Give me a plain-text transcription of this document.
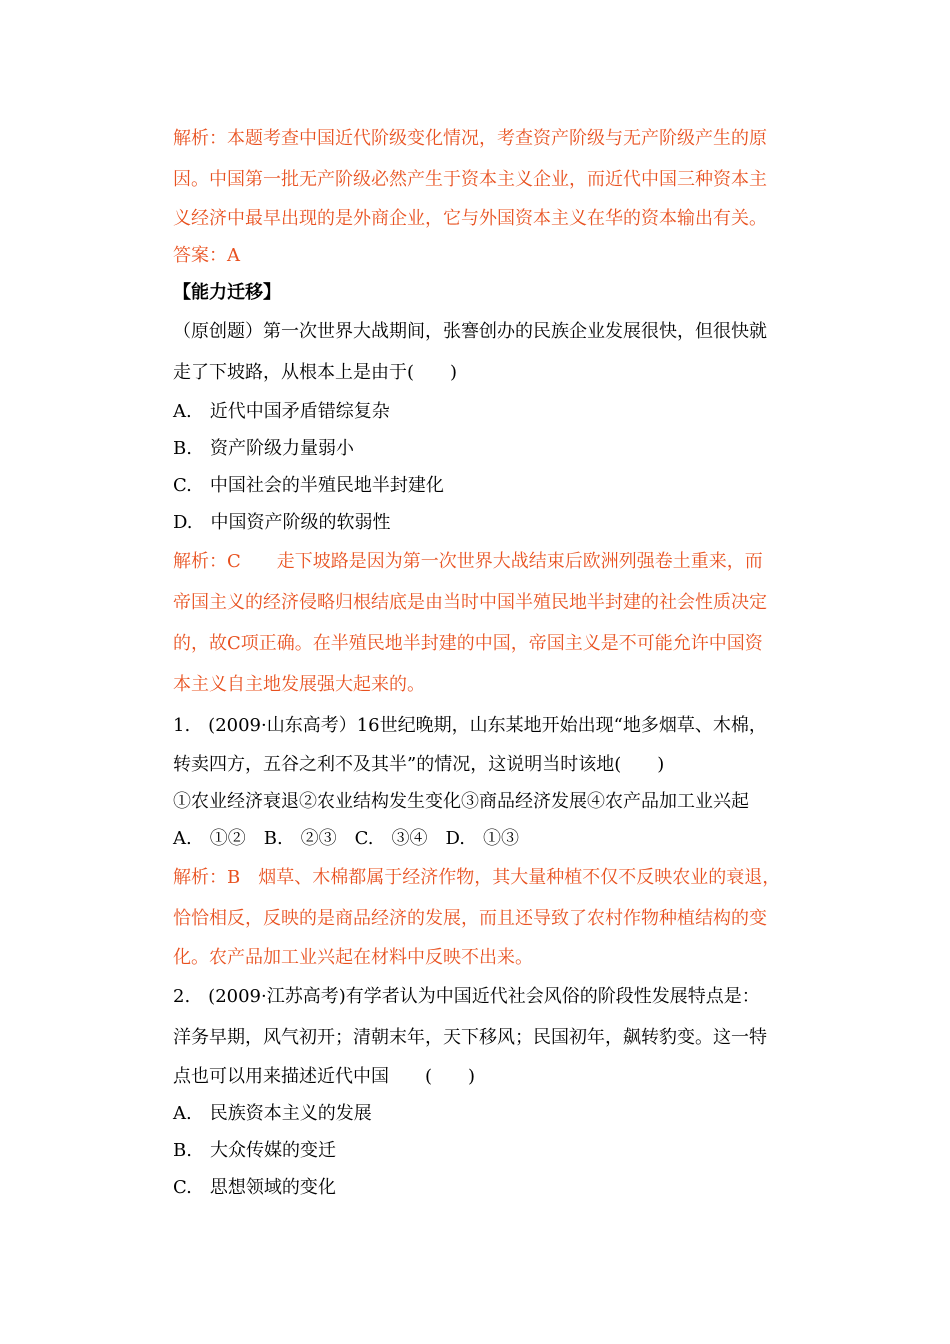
解析：本题考查中国近代阶级变化情况，考查资产阶级与无产阶级产生的原
因。中国第一批无产阶级必然产生于资本主义企业，而近代中国三种资本主
义经济中最早出现的是外商企业，它与外国资本主义在华的资本输出有关。
答案：A
【能力迁移】
（原创题）第一次世界大战期间，张謇创办的民族企业发展很快，但很快就
走了下坡路，从根本上是由于(　　)
A.　近代中国矛盾错综复杂
B.　资产阶级力量弱小
C.　中国社会的半殖民地半封建化
D.　中国资产阶级的软弱性
解析：C　　走下坡路是因为第一次世界大战结束后欧洲列强卷土重来，而
帝国主义的经济侵略归根结底是由当时中国半殖民地半封建的社会性质决定
的，故C项正确。在半殖民地半封建的中国，帝国主义是不可能允许中国资
本主义自主地发展强大起来的。
1.　(2009·山东高考）16世纪晚期，山东某地开始出现“地多烟草、木棉，
转卖四方，五谷之利不及其半”的情况，这说明当时该地(　　)
①农业经济衰退②农业结构发生变化③商品经济发展④农产品加工业兴起
A.　①②　B.　②③　C.　③④　D.　①③
解析：B　烟草、木棉都属于经济作物，其大量种植不仅不反映农业的衰退，
恰恰相反，反映的是商品经济的发展，而且还导致了农村作物种植结构的变
化。农产品加工业兴起在材料中反映不出来。
2.　(2009·江苏高考)有学者认为中国近代社会风俗的阶段性发展特点是：
洋务早期，风气初开；清朝末年，天下移风；民国初年，飙转豹变。这一特
点也可以用来描述近代中国　　(　　)
A.　民族资本主义的发展
B.　大众传媒的变迁
C.　思想领域的变化
